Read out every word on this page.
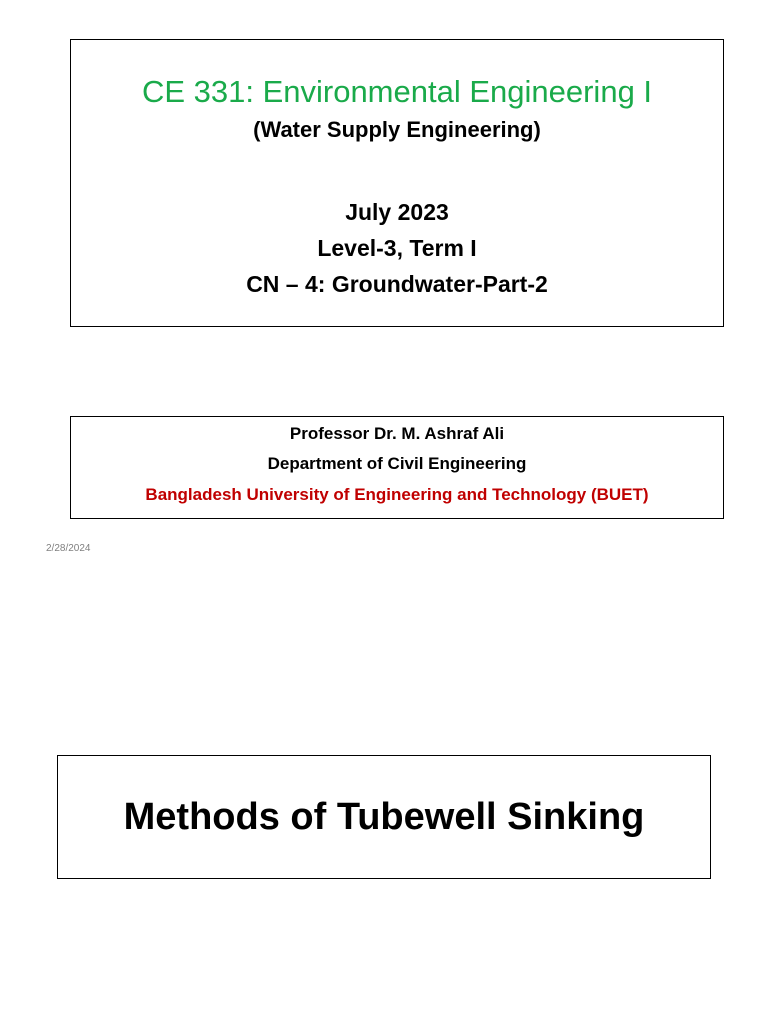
CE 331: Environmental Engineering I
(Water Supply Engineering)
July 2023
Level-3, Term I
CN – 4: Groundwater-Part-2
Professor Dr. M. Ashraf Ali
Department of Civil Engineering
Bangladesh University of Engineering and Technology (BUET)
2/28/2024
Methods of Tubewell Sinking
